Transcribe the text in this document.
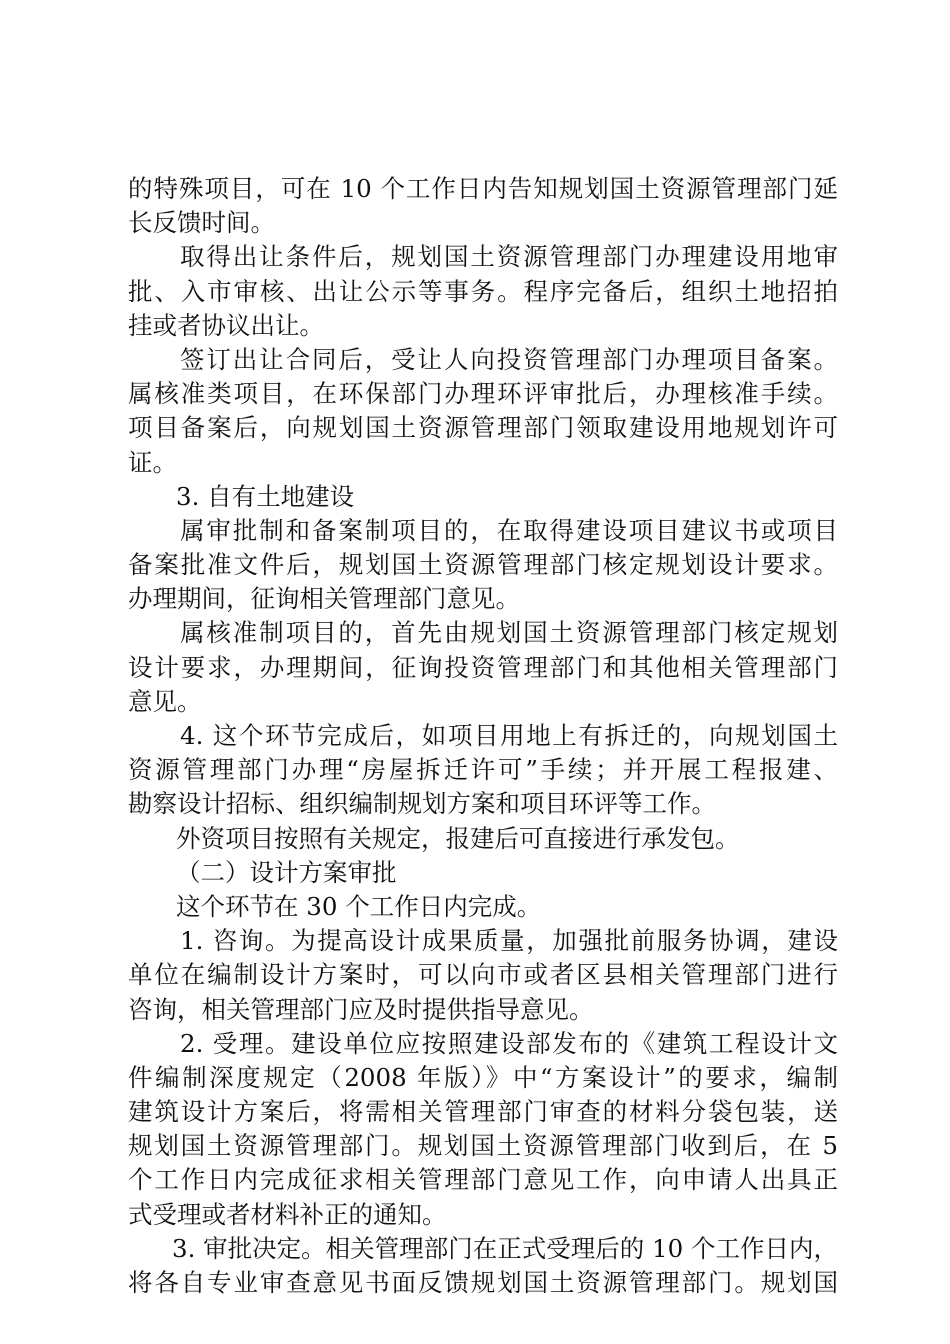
的特殊项目，可在 10 个工作日内告知规划国土资源管理部门延
长反馈时间。
取得出让条件后，规划国土资源管理部门办理建设用地审
批、入市审核、出让公示等事务。程序完备后，组织土地招拍
挂或者协议出让。
签订出让合同后，受让人向投资管理部门办理项目备案。
属核准类项目，在环保部门办理环评审批后，办理核准手续。
项目备案后，向规划国土资源管理部门领取建设用地规划许可
证。
3. 自有土地建设
属审批制和备案制项目的，在取得建设项目建议书或项目
备案批准文件后，规划国土资源管理部门核定规划设计要求。
办理期间，征询相关管理部门意见。
属核准制项目的，首先由规划国土资源管理部门核定规划
设计要求，办理期间，征询投资管理部门和其他相关管理部门
意见。
4. 这个环节完成后，如项目用地上有拆迁的，向规划国土
资源管理部门办理“房屋拆迁许可”手续；并开展工程报建、
勘察设计招标、组织编制规划方案和项目环评等工作。
外资项目按照有关规定，报建后可直接进行承发包。
（二）设计方案审批
这个环节在 30 个工作日内完成。
1. 咨询。为提高设计成果质量，加强批前服务协调，建设
单位在编制设计方案时，可以向市或者区县相关管理部门进行
咨询，相关管理部门应及时提供指导意见。
2. 受理。建设单位应按照建设部发布的《建筑工程设计文
件编制深度规定（2008 年版）》中“方案设计”的要求，编制
建筑设计方案后，将需相关管理部门审查的材料分袋包装，送
规划国土资源管理部门。规划国土资源管理部门收到后，在 5
个工作日内完成征求相关管理部门意见工作，向申请人出具正
式受理或者材料补正的通知。
3. 审批决定。相关管理部门在正式受理后的 10 个工作日内，
将各自专业审查意见书面反馈规划国土资源管理部门。规划国
